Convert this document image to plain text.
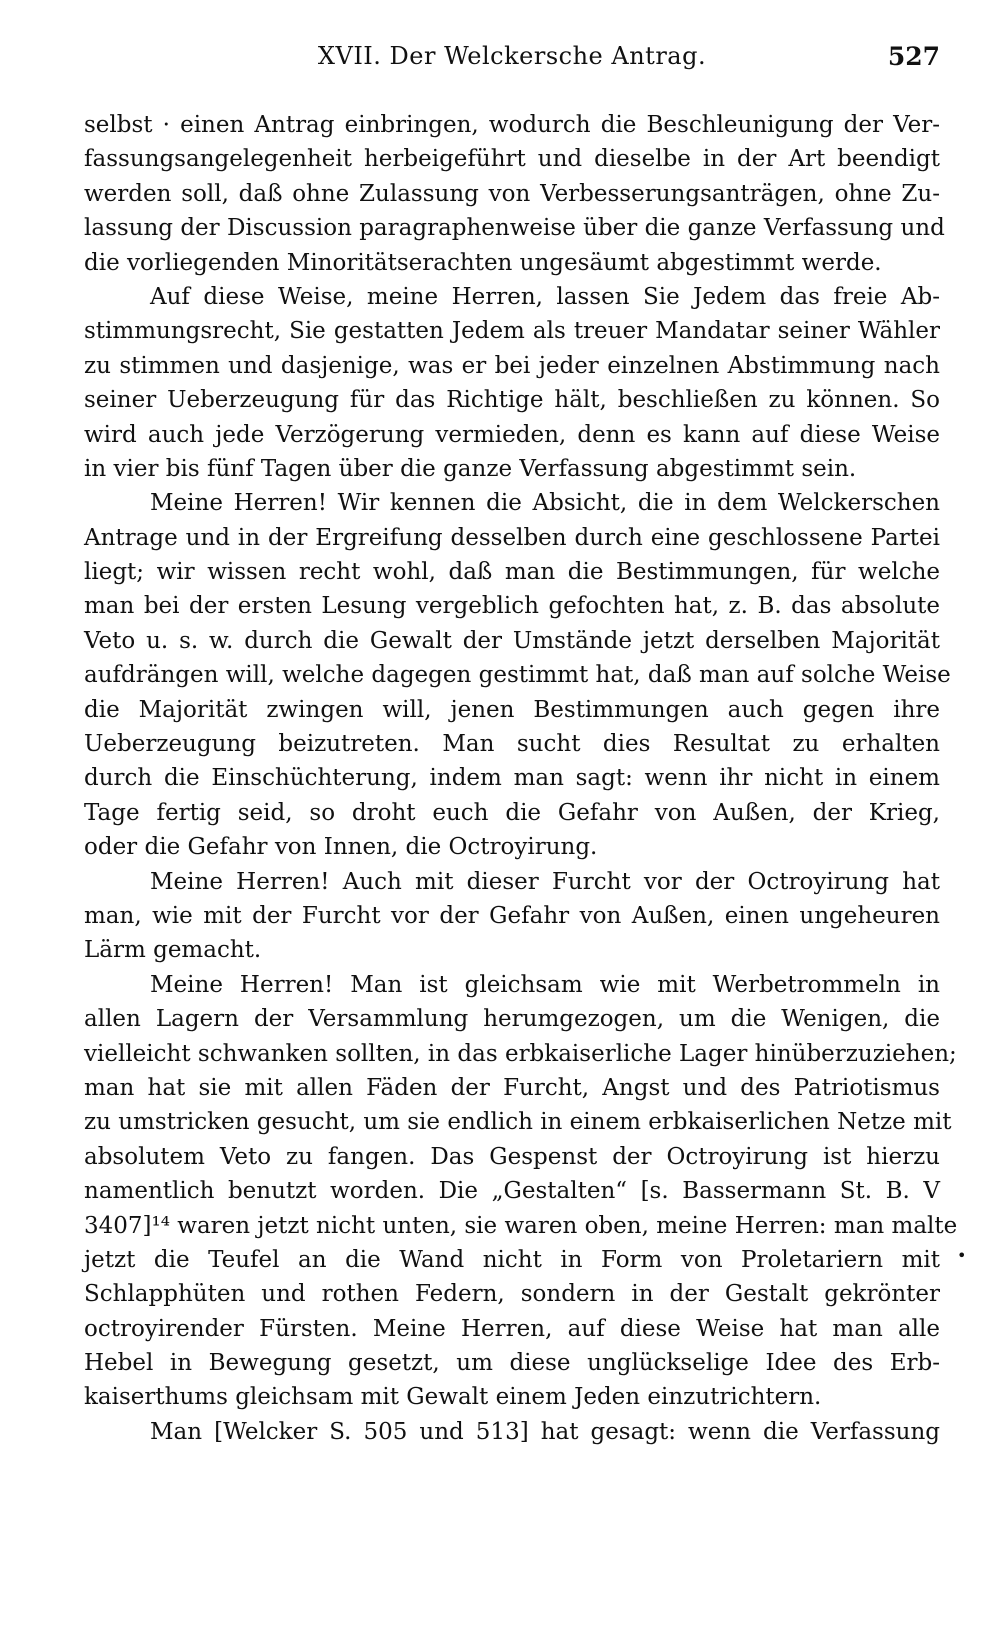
XVII. Der Welckersche Antrag.	527
selbst · einen Antrag einbringen, wodurch die Beschleunigung der Ver-
fassungsangelegenheit herbeigeführt und dieselbe in der Art beendigt
werden soll, daß ohne Zulassung von Verbesserungsanträgen, ohne Zu-
lassung der Discussion paragraphenweise über die ganze Verfassung und
die vorliegenden Minoritätserachten ungesäumt abgestimmt werde.
Auf diese Weise, meine Herren, lassen Sie Jedem das freie Ab-
stimmungsrecht, Sie gestatten Jedem als treuer Mandatar seiner Wähler
zu stimmen und dasjenige, was er bei jeder einzelnen Abstimmung nach
seiner Ueberzeugung für das Richtige hält, beschließen zu können. So
wird auch jede Verzögerung vermieden, denn es kann auf diese Weise
in vier bis fünf Tagen über die ganze Verfassung abgestimmt sein.
Meine Herren! Wir kennen die Absicht, die in dem Welckerschen
Antrage und in der Ergreifung desselben durch eine geschlossene Partei
liegt; wir wissen recht wohl, daß man die Bestimmungen, für welche
man bei der ersten Lesung vergeblich gefochten hat, z. B. das absolute
Veto u. s. w. durch die Gewalt der Umstände jetzt derselben Majorität
aufdrängen will, welche dagegen gestimmt hat, daß man auf solche Weise
die Majorität zwingen will, jenen Bestimmungen auch gegen ihre
Ueberzeugung beizutreten. Man sucht dies Resultat zu erhalten
durch die Einschüchterung, indem man sagt: wenn ihr nicht in einem
Tage fertig seid, so droht euch die Gefahr von Außen, der Krieg,
oder die Gefahr von Innen, die Octroyirung.
Meine Herren! Auch mit dieser Furcht vor der Octroyirung hat
man, wie mit der Furcht vor der Gefahr von Außen, einen ungeheuren
Lärm gemacht.
Meine Herren! Man ist gleichsam wie mit Werbetrommeln in
allen Lagern der Versammlung herumgezogen, um die Wenigen, die
vielleicht schwanken sollten, in das erbkaiserliche Lager hinüberzuziehen;
man hat sie mit allen Fäden der Furcht, Angst und des Patriotismus
zu umstricken gesucht, um sie endlich in einem erbkaiserlichen Netze mit
absolutem Veto zu fangen. Das Gespenst der Octroyirung ist hierzu
namentlich benutzt worden. Die „Gestalten“ [s. Bassermann St. B. V
3407]¹⁴ waren jetzt nicht unten, sie waren oben, meine Herren: man malte
jetzt die Teufel an die Wand nicht in Form von Proletariern mit
Schlapphüten und rothen Federn, sondern in der Gestalt gekrönter
octroyirender Fürsten. Meine Herren, auf diese Weise hat man alle
Hebel in Bewegung gesetzt, um diese unglückselige Idee des Erb-
kaiserthums gleichsam mit Gewalt einem Jeden einzutrichtern.
Man [Welcker S. 505 und 513] hat gesagt: wenn die Verfassung
•
